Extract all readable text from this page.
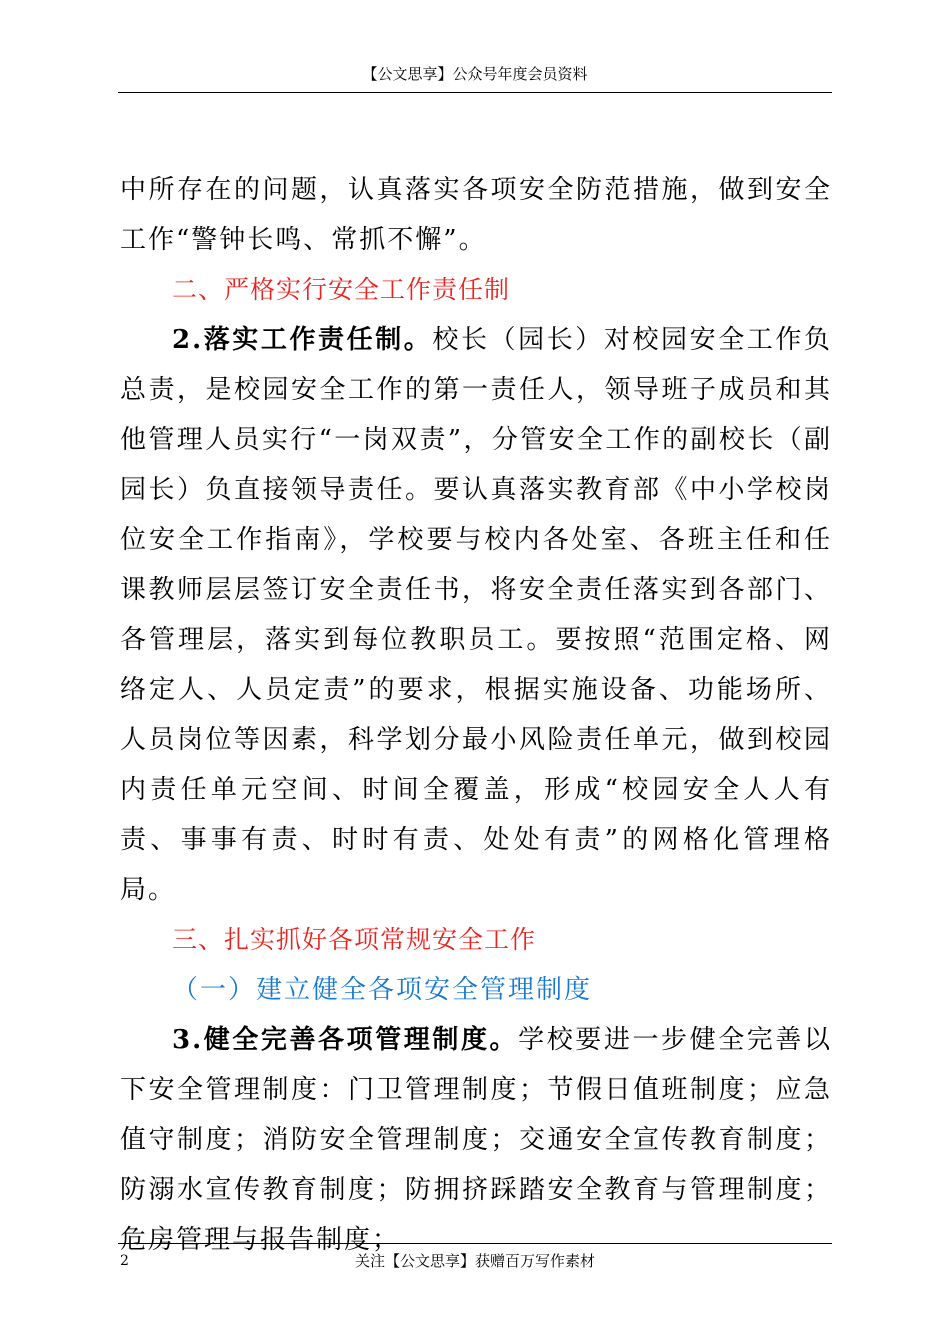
【公文思享】公众号年度会员资料

中所存在的问题，认真落实各项安全防范措施，做到安全工作“警钟长鸣、常抓不懈”。

二、严格实行安全工作责任制

2.落实工作责任制。校长（园长）对校园安全工作负总责，是校园安全工作的第一责任人，领导班子成员和其他管理人员实行“一岗双责”，分管安全工作的副校长（副园长）负直接领导责任。要认真落实教育部《中小学校岗位安全工作指南》，学校要与校内各处室、各班主任和任课教师层层签订安全责任书，将安全责任落实到各部门、各管理层，落实到每位教职员工。要按照“范围定格、网络定人、人员定责”的要求，根据实施设备、功能场所、人员岗位等因素，科学划分最小风险责任单元，做到校园内责任单元空间、时间全覆盖，形成“校园安全人人有责、事事有责、时时有责、处处有责”的网格化管理格局。

三、扎实抓好各项常规安全工作

（一）建立健全各项安全管理制度

3.健全完善各项管理制度。学校要进一步健全完善以下安全管理制度：门卫管理制度；节假日值班制度；应急值守制度；消防安全管理制度；交通安全宣传教育制度；防溺水宣传教育制度；防拥挤踩踏安全教育与管理制度；危房管理与报告制度；

2	关注【公文思享】获赠百万写作素材
